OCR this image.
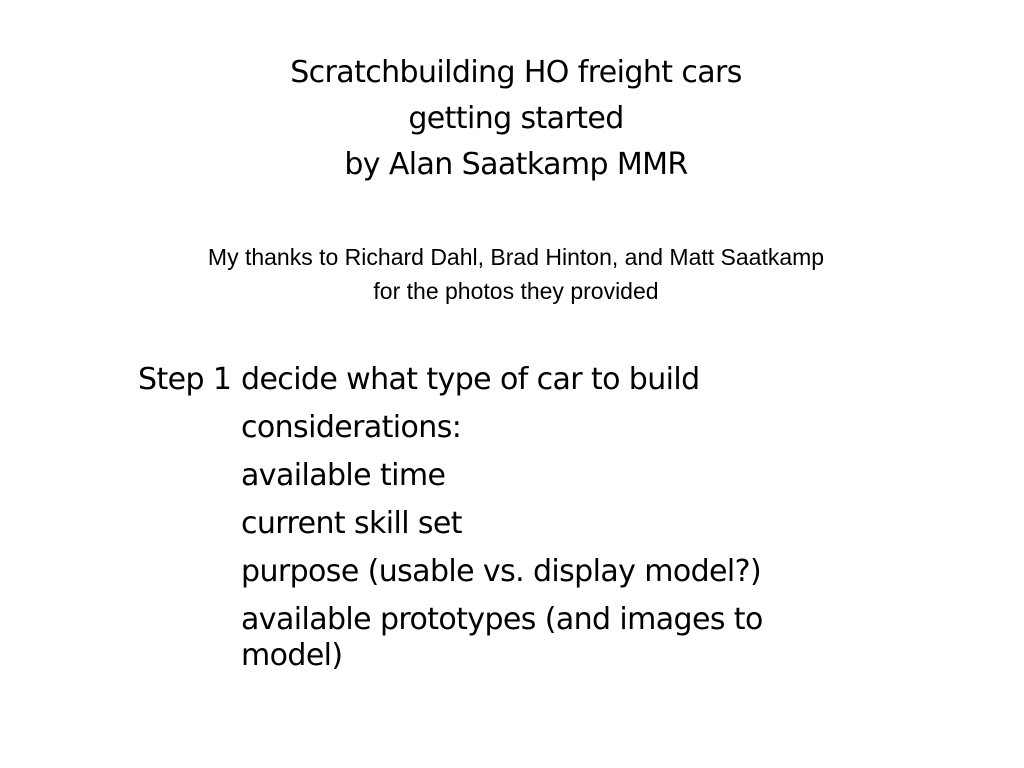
Scratchbuilding HO freight cars
getting started
by Alan Saatkamp MMR
My thanks to Richard Dahl, Brad Hinton, and Matt Saatkamp
for the photos they provided
Step 1 decide what type of car to build
considerations:
available time
current skill set
purpose (usable vs. display model?)
available prototypes (and images to model)
